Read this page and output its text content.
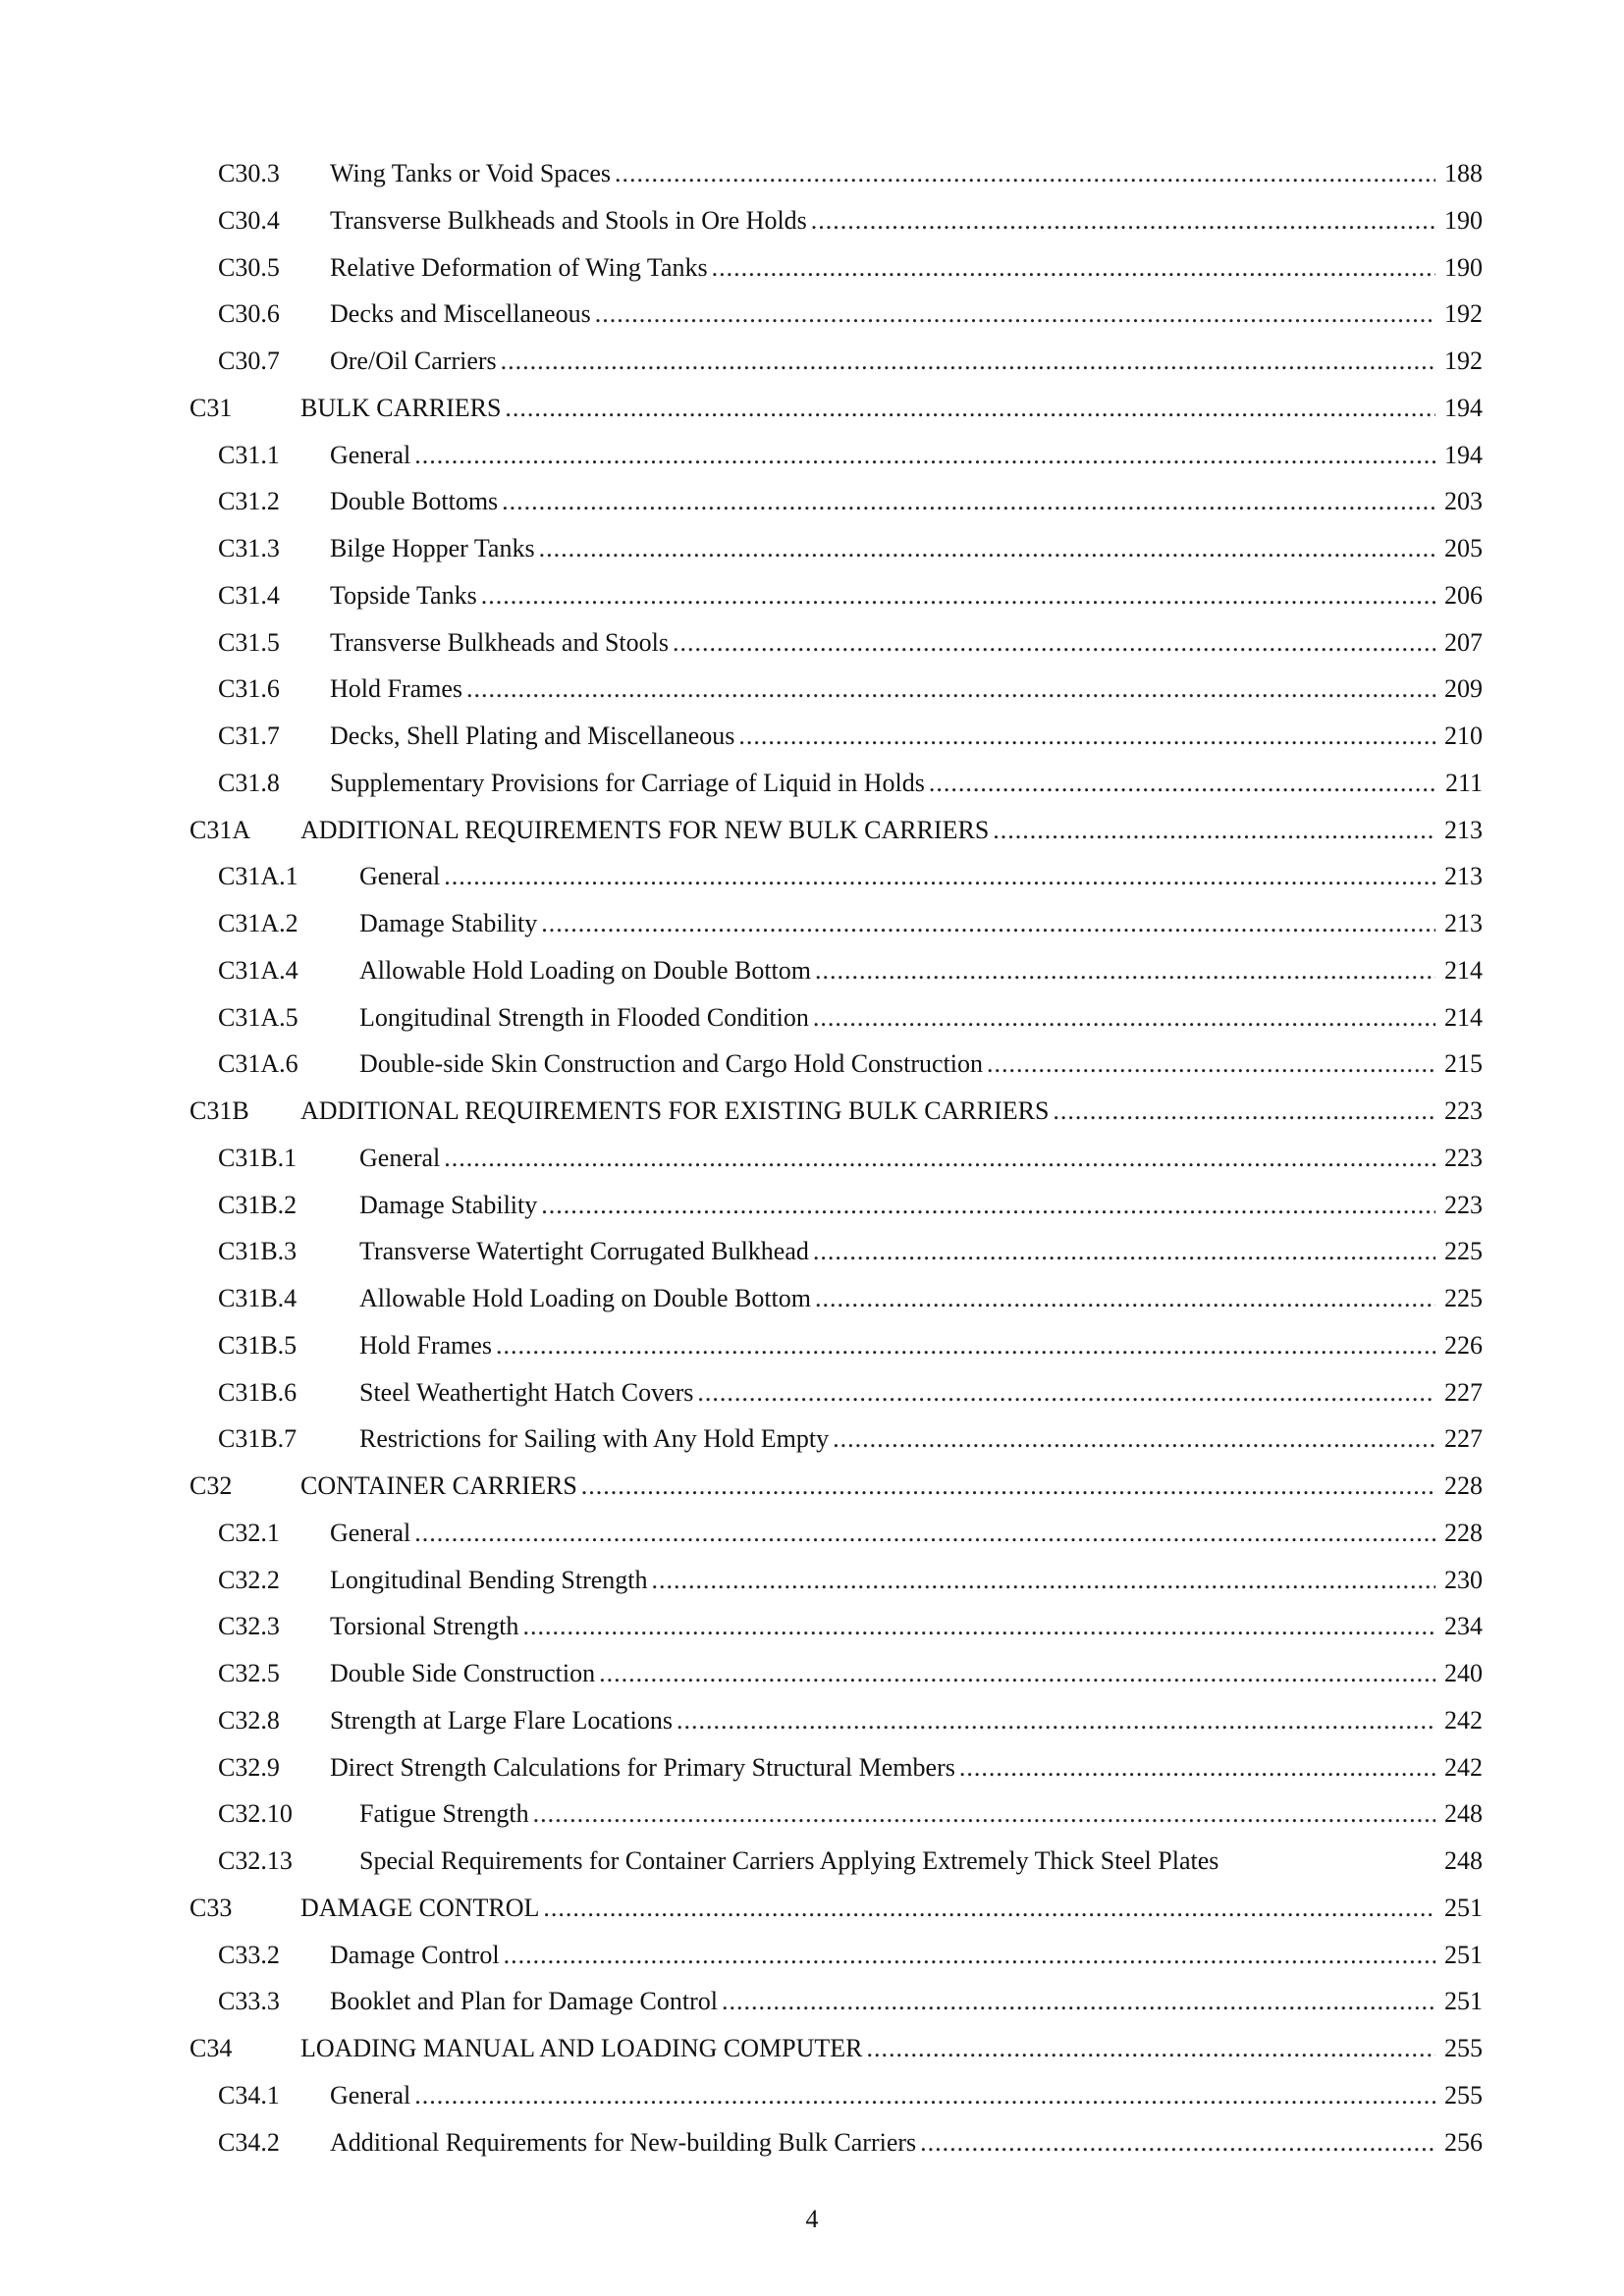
C30.3 Wing Tanks or Void Spaces .....	188
C30.4 Transverse Bulkheads and Stools in Ore Holds .....	190
C30.5 Relative Deformation of Wing Tanks .....	190
C30.6 Decks and Miscellaneous .....	192
C30.7 Ore/Oil Carriers .....	192
C31	BULK CARRIERS .....	194
C31.1 General .....	194
C31.2 Double Bottoms .....	203
C31.3 Bilge Hopper Tanks .....	205
C31.4 Topside Tanks .....	206
C31.5 Transverse Bulkheads and Stools .....	207
C31.6 Hold Frames .....	209
C31.7 Decks, Shell Plating and Miscellaneous .....	210
C31.8 Supplementary Provisions for Carriage of Liquid in Holds .....	211
C31A ADDITIONAL REQUIREMENTS FOR NEW BULK CARRIERS .....	213
C31A.1 General .....	213
C31A.2 Damage Stability .....	213
C31A.4 Allowable Hold Loading on Double Bottom .....	214
C31A.5 Longitudinal Strength in Flooded Condition .....	214
C31A.6 Double-side Skin Construction and Cargo Hold Construction .....	215
C31B ADDITIONAL REQUIREMENTS FOR EXISTING BULK CARRIERS .....	223
C31B.1 General .....	223
C31B.2 Damage Stability .....	223
C31B.3 Transverse Watertight Corrugated Bulkhead .....	225
C31B.4 Allowable Hold Loading on Double Bottom .....	225
C31B.5 Hold Frames .....	226
C31B.6 Steel Weathertight Hatch Covers .....	227
C31B.7 Restrictions for Sailing with Any Hold Empty .....	227
C32	CONTAINER CARRIERS .....	228
C32.1 General .....	228
C32.2 Longitudinal Bending Strength .....	230
C32.3 Torsional Strength .....	234
C32.5 Double Side Construction .....	240
C32.8 Strength at Large Flare Locations .....	242
C32.9 Direct Strength Calculations for Primary Structural Members .....	242
C32.10	Fatigue Strength .....	248
C32.13	Special Requirements for Container Carriers Applying Extremely Thick Steel Plates	248
C33	DAMAGE CONTROL .....	251
C33.2 Damage Control .....	251
C33.3 Booklet and Plan for Damage Control .....	251
C34	LOADING MANUAL AND LOADING COMPUTER .....	255
C34.1 General .....	255
C34.2 Additional Requirements for New-building Bulk Carriers .....	256
4
